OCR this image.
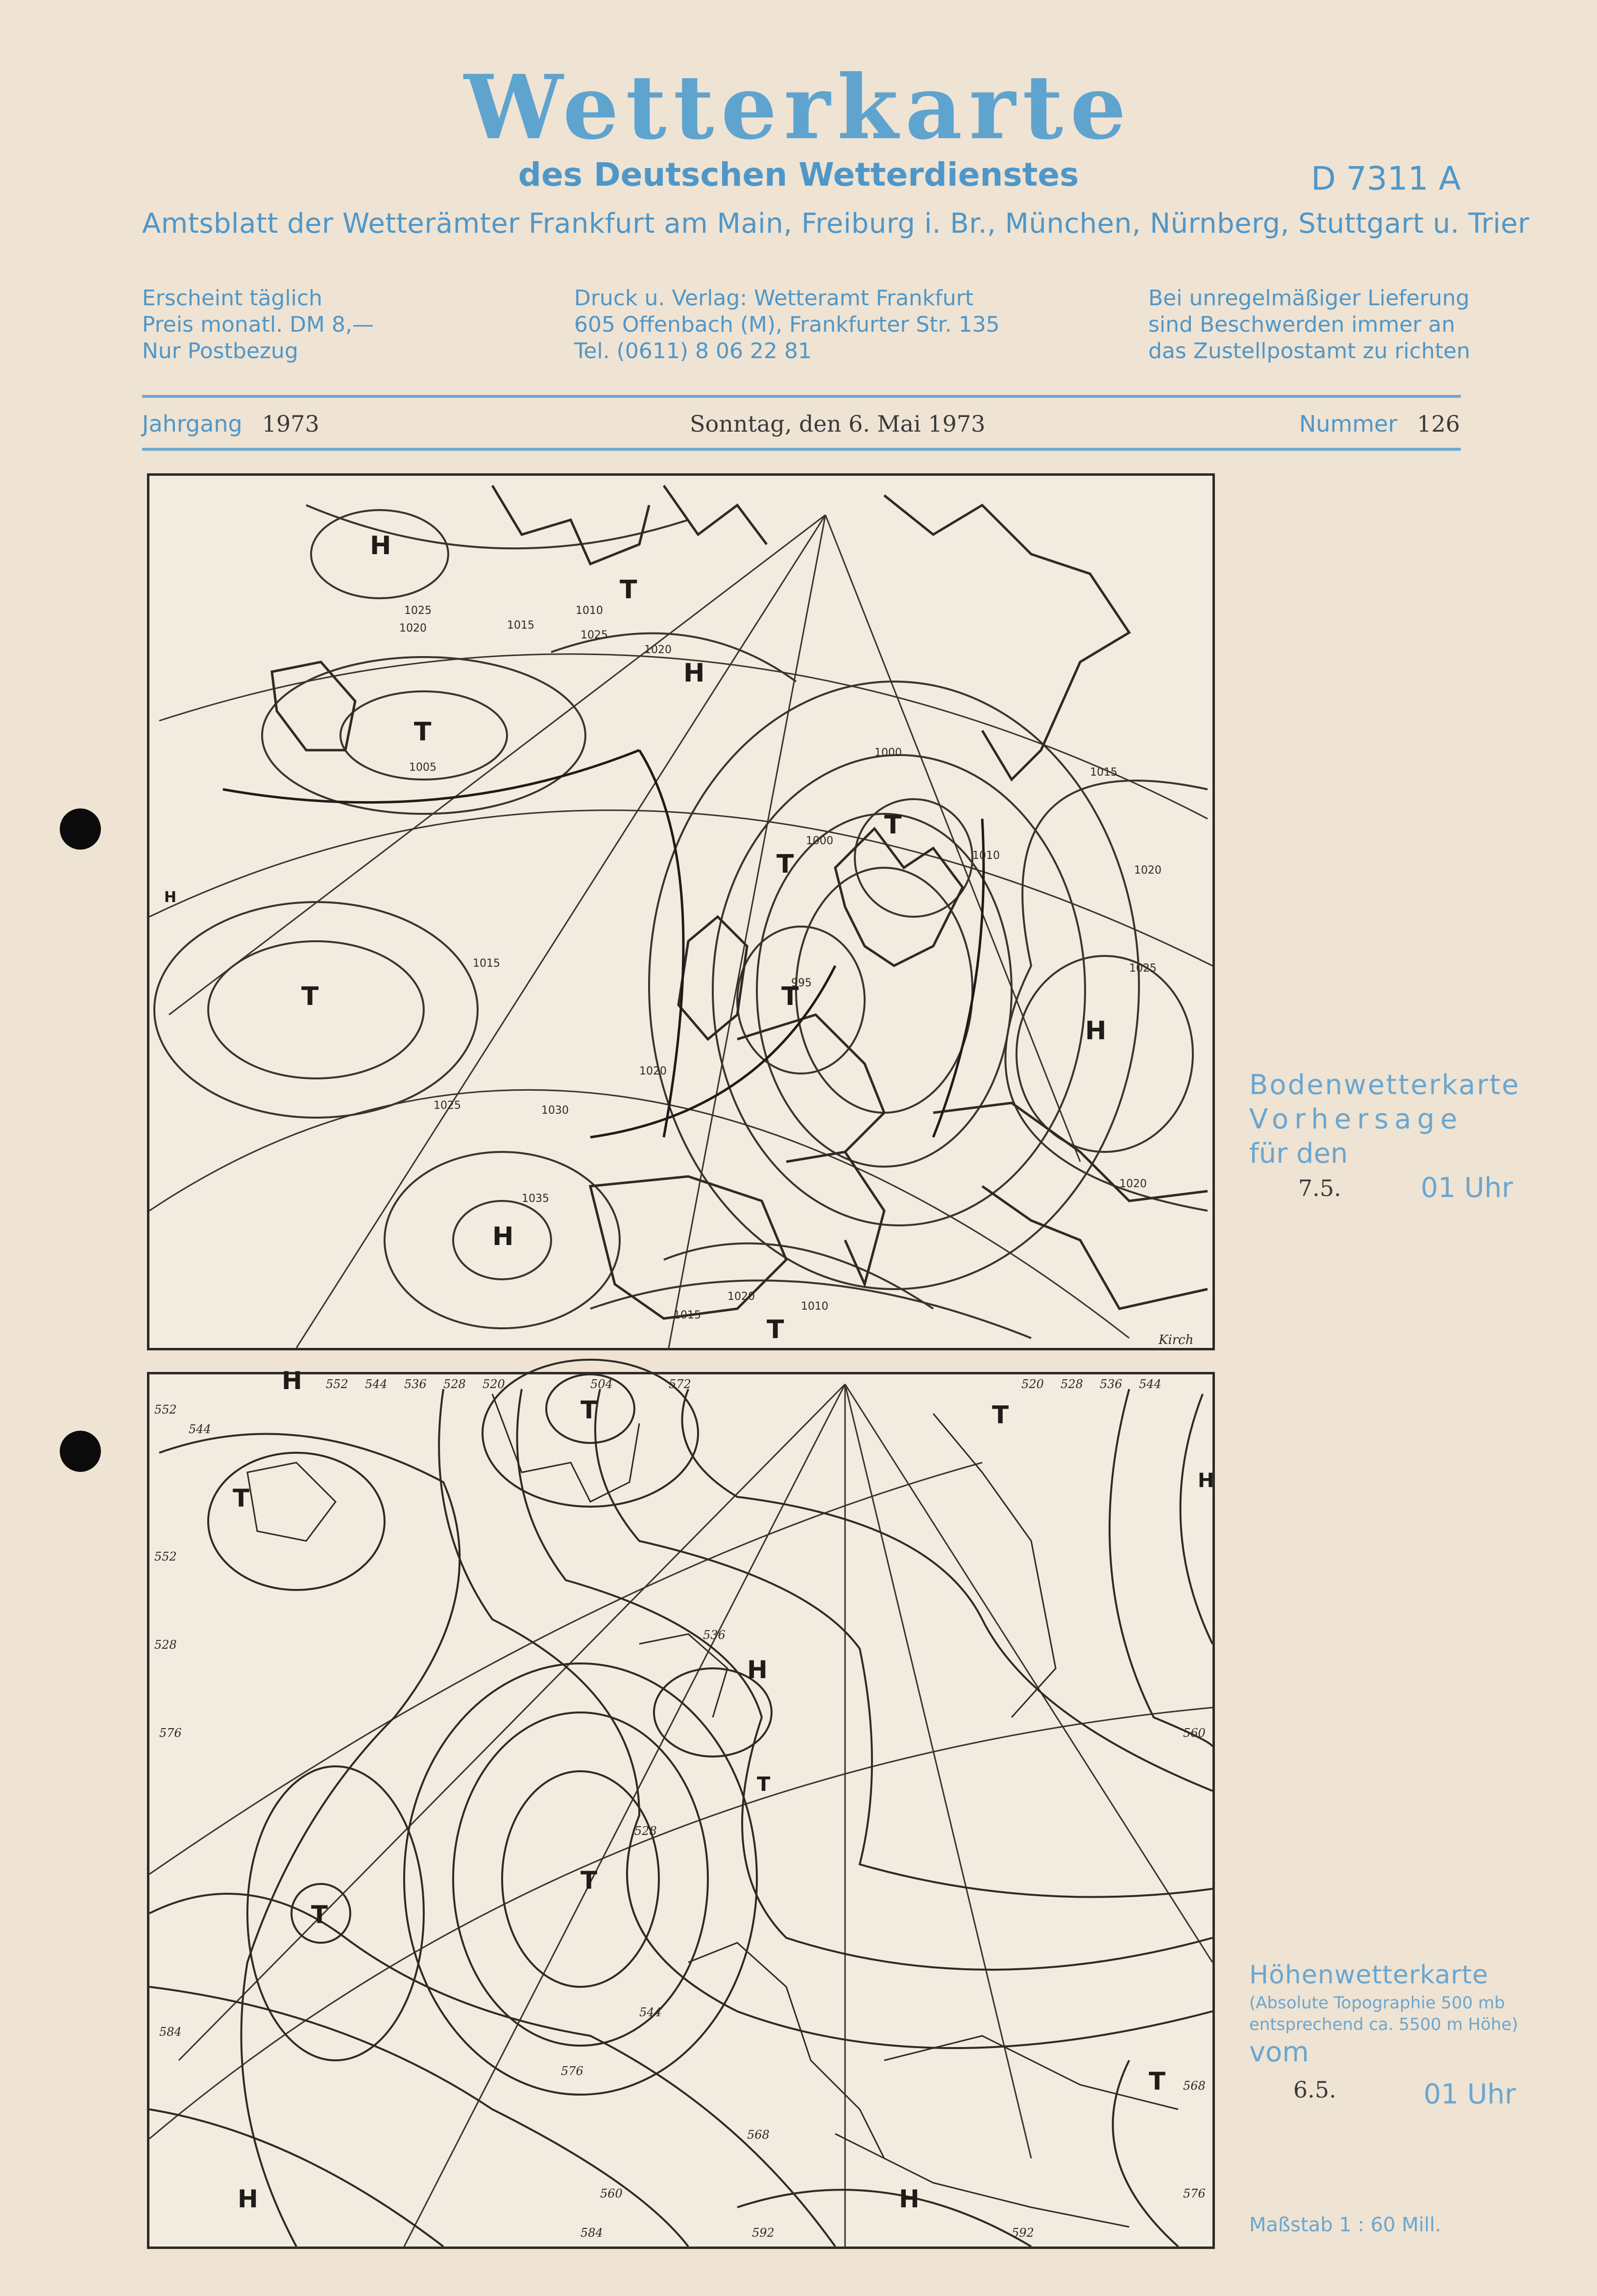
Wetterkarte
des Deutschen Wetterdienstes	D 7311 A
Amtsblatt der Wetterämter Frankfurt am Main, Freiburg i. Br., München, Nürnberg, Stuttgart u. Trier
Erscheint täglich
Preis monatl. DM 8,—
Nur Postbezug
Druck u. Verlag: Wetteramt Frankfurt
605 Offenbach (M), Frankfurter Str. 135
Tel. (0611) 8 06 22 81
Bei unregelmäßiger Lieferung
sind Beschwerden immer an
das Zustellpostamt zu richten
Jahrgang 1973	Sonntag, den 6. Mai 1973	Nummer 126
1025
1020	1015
1010
1005
1000
995
1025
1020
1015
1030
1035
1025
1020
1015
1010
1020
1025
1020
1015
1010
1000
1020
H
H
H
H
H
T
T
T
T
T
T
T	Kirch
Bodenwetterkarte
Vorhersage
für den
7.5.	01 Uhr
552 544 536 528 520	504	572	520 528 536 544
552
544
552
528
576
536
560
584
528
544
568
576
584	592	592
560
568
576
H
H
H
H	H
T	T
T
T
T
T
T
Höhenwetterkarte
(Absolute Topographie 500 mb
entsprechend ca. 5500 m Höhe)
vom
6.5.	01 Uhr
Maßstab 1 : 60 Mill.
